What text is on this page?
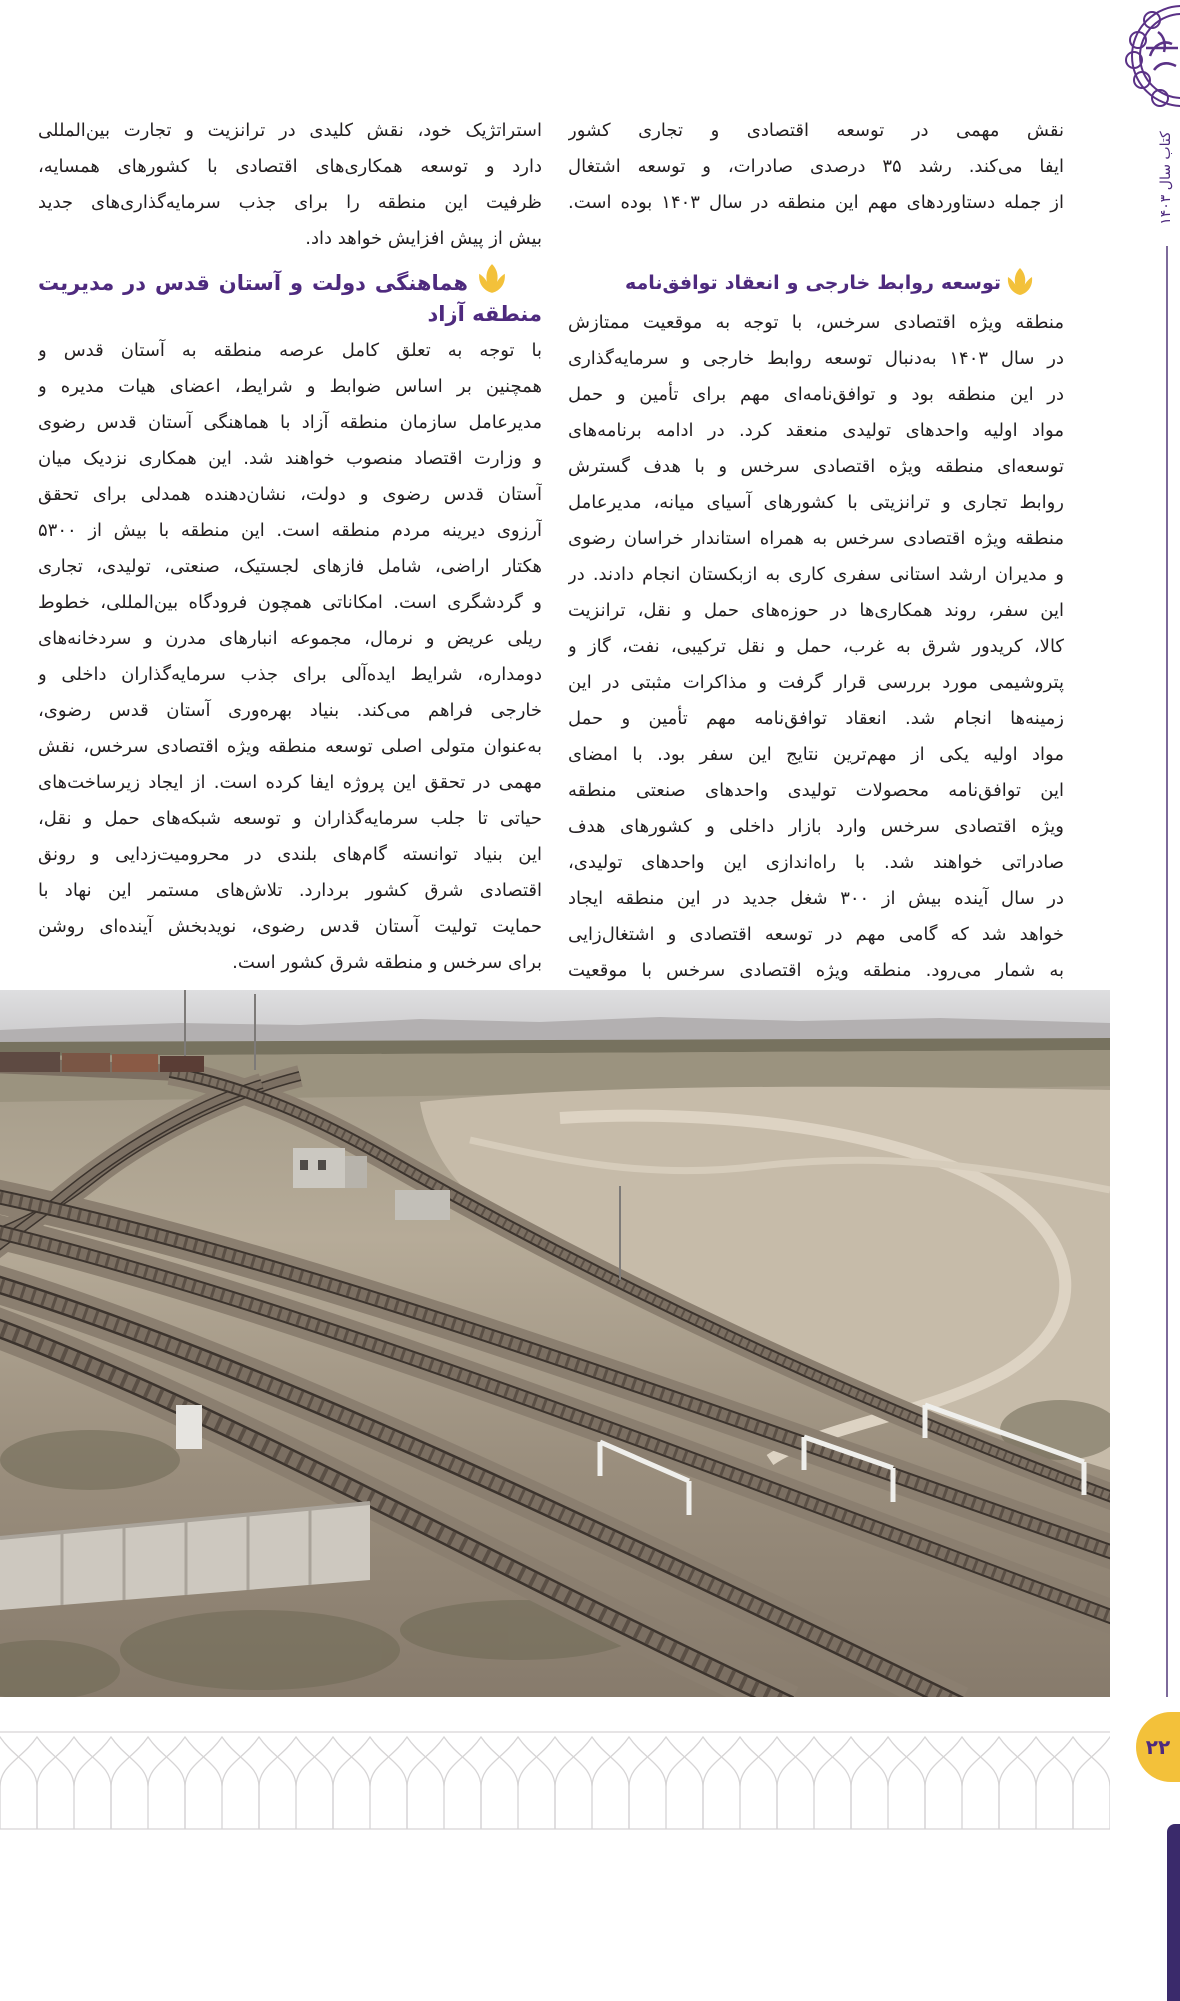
کتاب سال ۱۴۰۳
نقش مهمی در توسعه اقتصادی و تجاری کشور
ایفا می‌کند. رشد ۳۵ درصدی صادرات، و توسعه اشتغال
از جمله دستاوردهای مهم این منطقه در سال ۱۴۰۳ بوده است.
توسعه روابط خارجی و انعقاد توافق‌نامه
منطقه ویژه اقتصادی سرخس، با توجه به موقعیت ممتازش
در سال ۱۴۰۳ به‌دنبال توسعه روابط خارجی و سرمایه‌گذاری
در این منطقه بود و توافق‌نامه‌ای مهم برای تأمین و حمل
مواد اولیه واحدهای تولیدی منعقد کرد. در ادامه برنامه‌های
توسعه‌ای منطقه ویژه اقتصادی سرخس و با هدف گسترش
روابط تجاری و ترانزیتی با کشورهای آسیای میانه، مدیرعامل
منطقه ویژه اقتصادی سرخس به همراه استاندار خراسان رضوی
و مدیران ارشد استانی سفری کاری به ازبکستان انجام دادند. در
این سفر، روند همکاری‌ها در حوزه‌های حمل و نقل، ترانزیت
کالا، کریدور شرق به غرب، حمل و نقل ترکیبی، نفت، گاز و
پتروشیمی مورد بررسی قرار گرفت و مذاکرات مثبتی در این
زمینه‌ها انجام شد. انعقاد توافق‌نامه مهم تأمین و حمل
مواد اولیه یکی از مهم‌ترین نتایج این سفر بود. با امضای
این توافق‌نامه محصولات تولیدی واحدهای صنعتی منطقه
ویژه اقتصادی سرخس وارد بازار داخلی و کشورهای هدف
صادراتی خواهند شد. با راه‌اندازی این واحدهای تولیدی،
در سال آینده بیش از ۳۰۰ شغل جدید در این منطقه ایجاد
خواهد شد که گامی مهم در توسعه اقتصادی و اشتغال‌زایی
به شمار می‌رود. منطقه ویژه اقتصادی سرخس با موقعیت
استراتژیک خود، نقش کلیدی در ترانزیت و تجارت بین‌المللی
دارد و توسعه همکاری‌های اقتصادی با کشورهای همسایه،
ظرفیت این منطقه را برای جذب سرمایه‌گذاری‌های جدید
بیش از پیش افزایش خواهد داد.
هماهنگی دولت و آستان قدس در مدیریت
منطقه آزاد
با توجه به تعلق کامل عرصه منطقه به آستان قدس و
همچنین بر اساس ضوابط و شرایط، اعضای هیات مدیره و
مدیرعامل سازمان منطقه آزاد با هماهنگی آستان قدس رضوی
و وزارت اقتصاد منصوب خواهند شد. این همکاری نزدیک میان
آستان قدس رضوی و دولت، نشان‌دهنده همدلی برای تحقق
آرزوی دیرینه مردم منطقه است. این منطقه با بیش از ۵۳۰۰
هکتار اراضی، شامل فازهای لجستیک، صنعتی، تولیدی، تجاری
و گردشگری است. امکاناتی همچون فرودگاه بین‌المللی، خطوط
ریلی عریض و نرمال، مجموعه انبارهای مدرن و سردخانه‌های
دومداره، شرایط ایده‌آلی برای جذب سرمایه‌گذاران داخلی و
خارجی فراهم می‌کند. بنیاد بهره‌وری آستان قدس رضوی،
به‌عنوان متولی اصلی توسعه منطقه ویژه اقتصادی سرخس، نقش
مهمی در تحقق این پروژه ایفا کرده است. از ایجاد زیرساخت‌های
حیاتی تا جلب سرمایه‌گذاران و توسعه شبکه‌های حمل و نقل،
این بنیاد توانسته گام‌های بلندی در محرومیت‌زدایی و رونق
اقتصادی شرق کشور بردارد. تلاش‌های مستمر این نهاد با
حمایت تولیت آستان قدس رضوی، نویدبخش آینده‌ای روشن
برای سرخس و منطقه شرق کشور است.
۲۲
